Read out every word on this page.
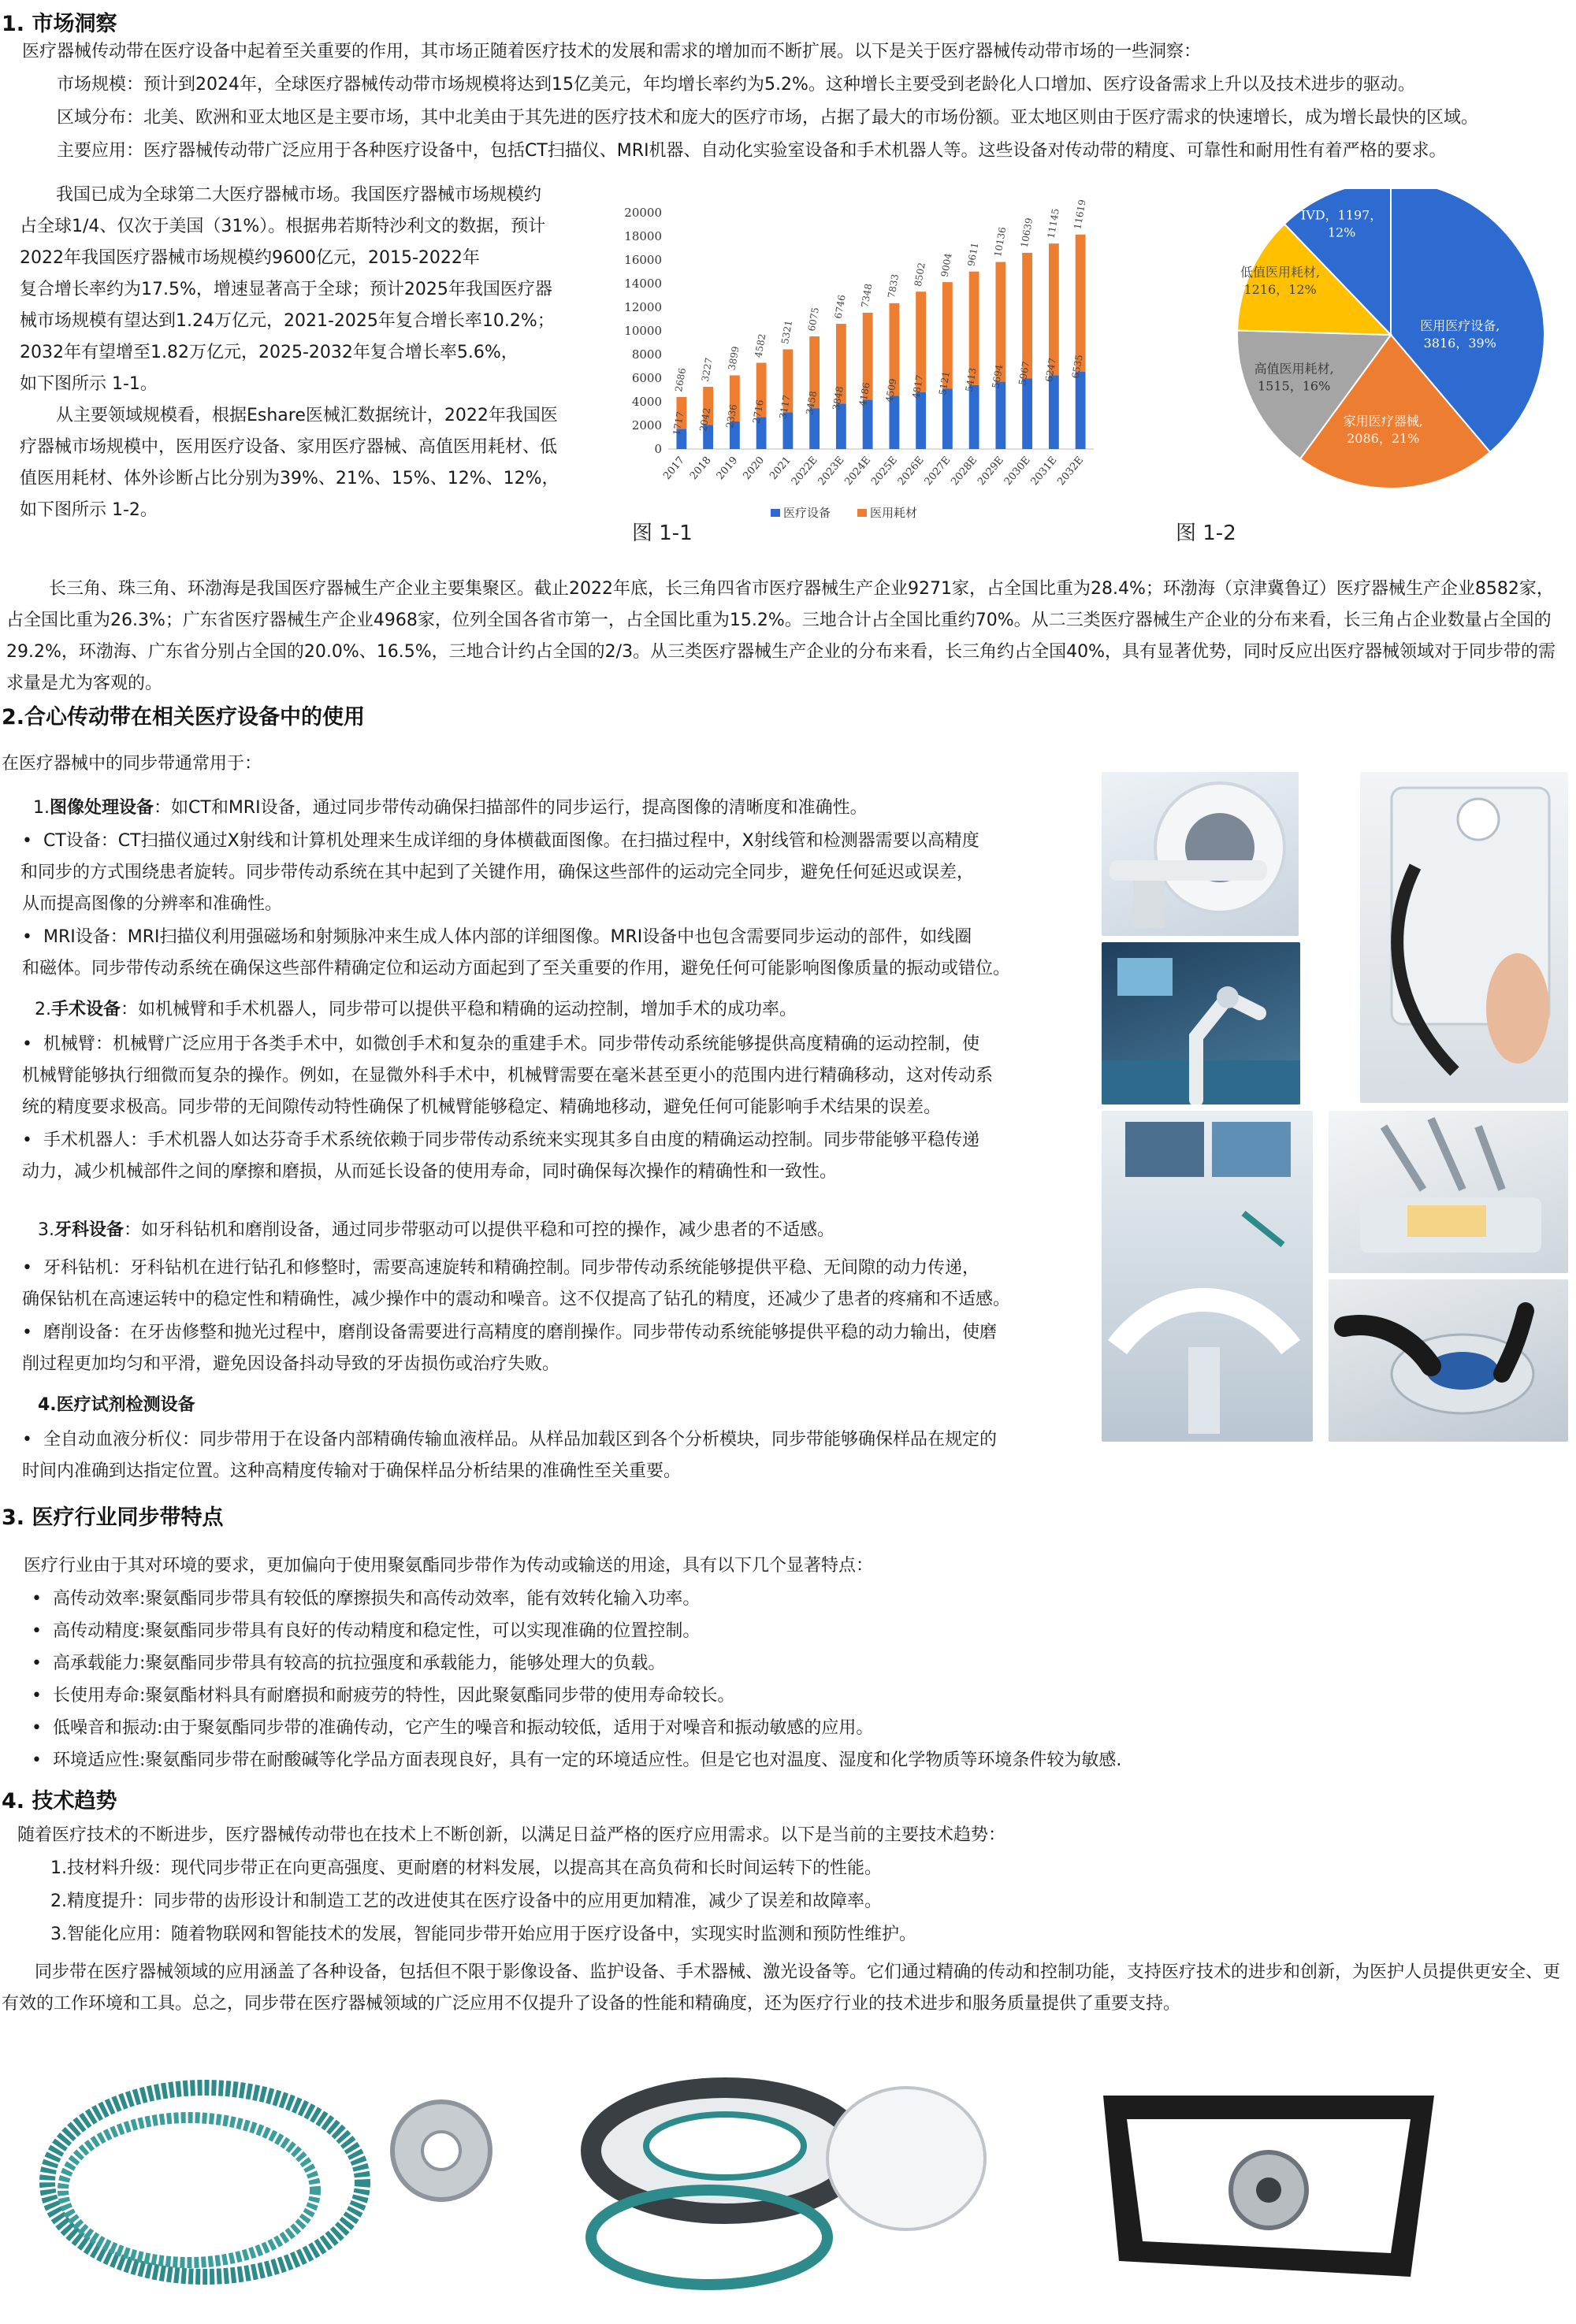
1. 市场洞察
医疗器械传动带在医疗设备中起着至关重要的作用，其市场正随着医疗技术的发展和需求的增加而不断扩展。以下是关于医疗器械传动带市场的一些洞察：
市场规模：预计到2024年，全球医疗器械传动带市场规模将达到15亿美元，年均增长率约为5.2%。这种增长主要受到老龄化人口增加、医疗设备需求上升以及技术进步的驱动。
区域分布：北美、欧洲和亚太地区是主要市场，其中北美由于其先进的医疗技术和庞大的医疗市场，占据了最大的市场份额。亚太地区则由于医疗需求的快速增长，成为增长最快的区域。
主要应用：医疗器械传动带广泛应用于各种医疗设备中，包括CT扫描仪、MRI机器、自动化实验室设备和手术机器人等。这些设备对传动带的精度、可靠性和耐用性有着严格的要求。
我国已成为全球第二大医疗器械市场。我国医疗器械市场规模约
占全球1/4、仅次于美国（31%）。根据弗若斯特沙利文的数据，预计
2022年我国医疗器械市场规模约9600亿元，2015-2022年
复合增长率约为17.5%，增速显著高于全球；预计2025年我国医疗器
械市场规模有望达到1.24万亿元，2021-2025年复合增长率10.2%；
2032年有望增至1.82万亿元，2025-2032年复合增长率5.6%，
如下图所示 1-1。
从主要领域规模看，根据Eshare医械汇数据统计，2022年我国医
疗器械市场规模中，医用医疗设备、家用医疗器械、高值医用耗材、低
值医用耗材、体外诊断占比分别为39%、21%、15%、12%、12%，
如下图所示 1-2。
0
2000
4000
6000
8000
10000
12000
14000
16000
18000
20000
1717
2686
2017
2042
3227
2018
2336
3899
2019
2716
4582
2020
3117
5321
2021
3458
6075
2022E
3848
6746
2023E
4186
7348
2024E
4509
7833
2025E
4817
8502
2026E
5121
9004
2027E
5413
9611
2028E
5694
10136
2029E
5967
10639
2030E
6247
11145
2031E
6535
11619
2032E
医疗设备	医用耗材
图 1-1
医用医疗设备,
3816，39%
家用医疗器械,
2086，21%
高值医用耗材,
1515，16%
低值医用耗材,
1216，12%
IVD，1197，
12%
图 1-2
长三角、珠三角、环渤海是我国医疗器械生产企业主要集聚区。截止2022年底，长三角四省市医疗器械生产企业9271家，占全国比重为28.4%；环渤海（京津冀鲁辽）医疗器械生产企业8582家，占全国比重为26.3%；广东省医疗器械生产企业4968家，位列全国各省市第一，占全国比重为15.2%。三地合计占全国比重约70%。从二三类医疗器械生产企业的分布来看，长三角占企业数量占全国的29.2%，环渤海、广东省分别占全国的20.0%、16.5%，三地合计约占全国的2/3。从三类医疗器械生产企业的分布来看，长三角约占全国40%，具有显著优势，同时反应出医疗器械领域对于同步带的需求量是尤为客观的。
2.合心传动带在相关医疗设备中的使用
在医疗器械中的同步带通常用于：
1.图像处理设备：如CT和MRI设备，通过同步带传动确保扫描部件的同步运行，提高图像的清晰度和准确性。
•  CT设备：CT扫描仪通过X射线和计算机处理来生成详细的身体横截面图像。在扫描过程中，X射线管和检测器需要以高精度
和同步的方式围绕患者旋转。同步带传动系统在其中起到了关键作用，确保这些部件的运动完全同步，避免任何延迟或误差，
从而提高图像的分辨率和准确性。
•  MRI设备：MRI扫描仪利用强磁场和射频脉冲来生成人体内部的详细图像。MRI设备中也包含需要同步运动的部件，如线圈
和磁体。同步带传动系统在确保这些部件精确定位和运动方面起到了至关重要的作用，避免任何可能影响图像质量的振动或错位。
2.手术设备：如机械臂和手术机器人，同步带可以提供平稳和精确的运动控制，增加手术的成功率。
•  机械臂：机械臂广泛应用于各类手术中，如微创手术和复杂的重建手术。同步带传动系统能够提供高度精确的运动控制，使
机械臂能够执行细微而复杂的操作。例如，在显微外科手术中，机械臂需要在毫米甚至更小的范围内进行精确移动，这对传动系
统的精度要求极高。同步带的无间隙传动特性确保了机械臂能够稳定、精确地移动，避免任何可能影响手术结果的误差。
•  手术机器人：手术机器人如达芬奇手术系统依赖于同步带传动系统来实现其多自由度的精确运动控制。同步带能够平稳传递
动力，减少机械部件之间的摩擦和磨损，从而延长设备的使用寿命，同时确保每次操作的精确性和一致性。
3.牙科设备：如牙科钻机和磨削设备，通过同步带驱动可以提供平稳和可控的操作，减少患者的不适感。
•  牙科钻机：牙科钻机在进行钻孔和修整时，需要高速旋转和精确控制。同步带传动系统能够提供平稳、无间隙的动力传递，
确保钻机在高速运转中的稳定性和精确性，减少操作中的震动和噪音。这不仅提高了钻孔的精度，还减少了患者的疼痛和不适感。
•  磨削设备：在牙齿修整和抛光过程中，磨削设备需要进行高精度的磨削操作。同步带传动系统能够提供平稳的动力输出，使磨
削过程更加均匀和平滑，避免因设备抖动导致的牙齿损伤或治疗失败。
4.医疗试剂检测设备
•  全自动血液分析仪：同步带用于在设备内部精确传输血液样品。从样品加载区到各个分析模块，同步带能够确保样品在规定的
时间内准确到达指定位置。这种高精度传输对于确保样品分析结果的准确性至关重要。
3. 医疗行业同步带特点
医疗行业由于其对环境的要求，更加偏向于使用聚氨酯同步带作为传动或输送的用途，具有以下几个显著特点：
•  高传动效率:聚氨酯同步带具有较低的摩擦损失和高传动效率，能有效转化输入功率。
•  高传动精度:聚氨酯同步带具有良好的传动精度和稳定性，可以实现准确的位置控制。
•  高承载能力:聚氨酯同步带具有较高的抗拉强度和承载能力，能够处理大的负载。
•  长使用寿命:聚氨酯材料具有耐磨损和耐疲劳的特性，因此聚氨酯同步带的使用寿命较长。
•  低噪音和振动:由于聚氨酯同步带的准确传动，它产生的噪音和振动较低，适用于对噪音和振动敏感的应用。
•  环境适应性:聚氨酯同步带在耐酸碱等化学品方面表现良好，具有一定的环境适应性。但是它也对温度、湿度和化学物质等环境条件较为敏感.
4. 技术趋势
随着医疗技术的不断进步，医疗器械传动带也在技术上不断创新，以满足日益严格的医疗应用需求。以下是当前的主要技术趋势：
1.技材料升级：现代同步带正在向更高强度、更耐磨的材料发展，以提高其在高负荷和长时间运转下的性能。
2.精度提升：同步带的齿形设计和制造工艺的改进使其在医疗设备中的应用更加精准，减少了误差和故障率。
3.智能化应用：随着物联网和智能技术的发展，智能同步带开始应用于医疗设备中，实现实时监测和预防性维护。
同步带在医疗器械领域的应用涵盖了各种设备，包括但不限于影像设备、监护设备、手术器械、激光设备等。它们通过精确的传动和控制功能，支持医疗技术的进步和创新，为医护人员提供更安全、更有效的工作环境和工具。总之，同步带在医疗器械领域的广泛应用不仅提升了设备的性能和精确度，还为医疗行业的技术进步和服务质量提供了重要支持。
